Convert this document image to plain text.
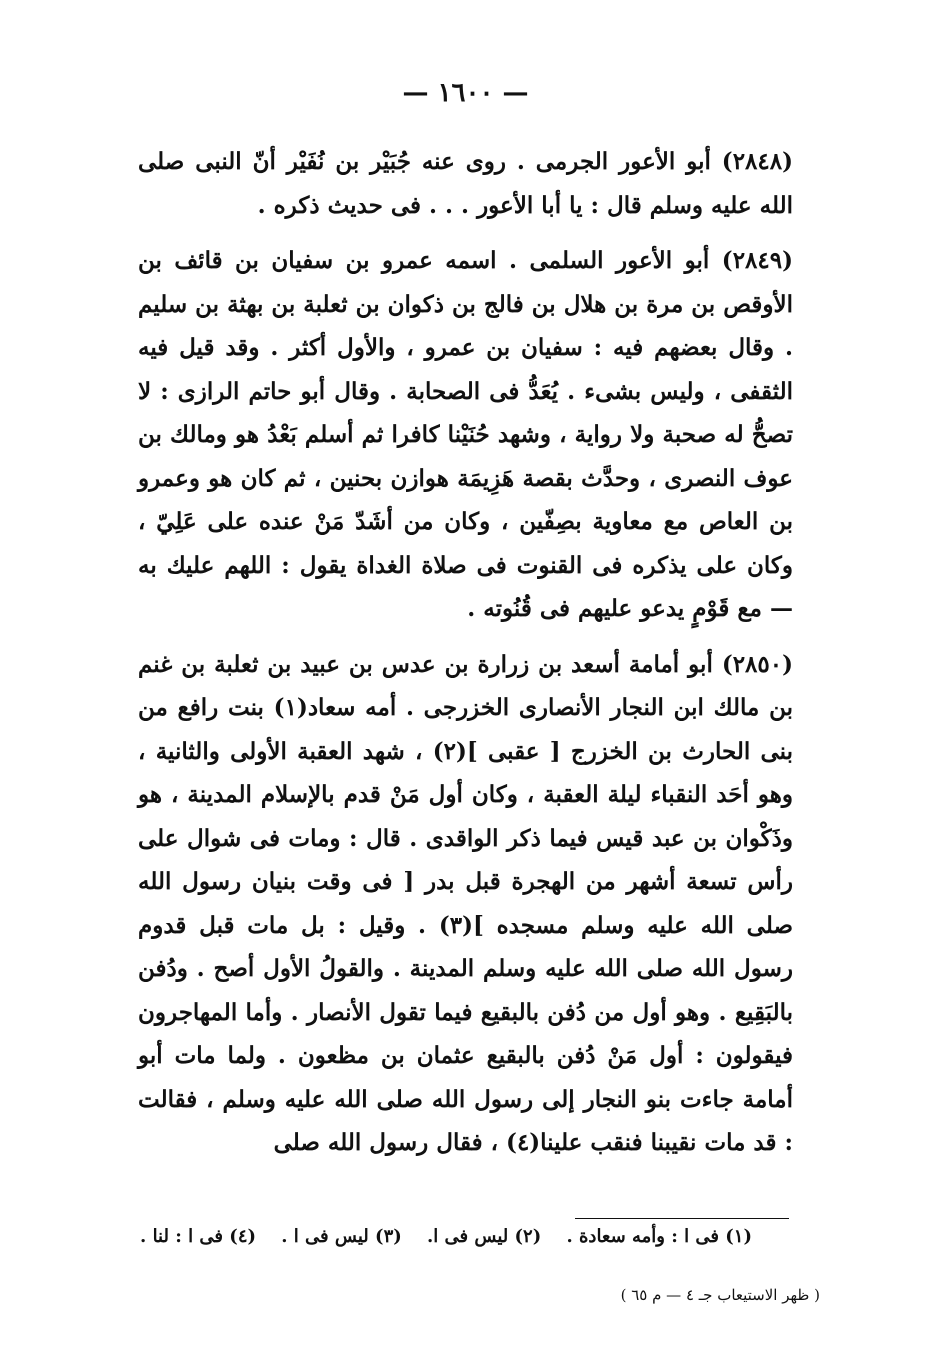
— ١٦٠٠ —

(٢٨٤٨) أبو الأعور الجرمى . روى عنه جُبَيْر بن نُفَيْر أنّ النبى صلى الله عليه وسلم قال : يا أبا الأعور . . . فى حديث ذكره .

(٢٨٤٩) أبو الأعور السلمى . اسمه عمرو بن سفيان بن قائف بن الأوقص بن مرة بن هلال بن فالج بن ذكوان بن ثعلبة بن بهثة بن سليم . وقال بعضهم فيه : سفيان بن عمرو ، والأول أكثر . وقد قيل فيه الثقفى ، وليس بشىء . يُعَدُّ فى الصحابة . وقال أبو حاتم الرازى : لا تصحُّ له صحبة ولا رواية ، وشهد حُنَيْنا كافرا ثم أسلم بَعْدُ هو ومالك بن عوف النصرى ، وحدَّث بقصة هَزِيمَة هوازن بحنين ، ثم كان هو وعمرو بن العاص مع معاوية بصِفّين ، وكان من أشَدّ مَنْ عنده على عَلِيّ ، وكان على يذكره فى القنوت فى صلاة الغداة يقول : اللهم عليك به — مع قَوْمٍ يدعو عليهم فى قُنُوته .

(٢٨٥٠) أبو أمامة أسعد بن زرارة بن عدس بن عبيد بن ثعلبة بن غنم بن مالك ابن النجار الأنصارى الخزرجى . أمه سعاد(١) بنت رافع من بنى الحارث بن الخزرج [ عقبى ](٢) ، شهد العقبة الأولى والثانية ، وهو أحَد النقباء ليلة العقبة ، وكان أول مَنْ قدم بالإسلام المدينة ، هو وذَكْوان بن عبد قيس فيما ذكر الواقدى . قال : ومات فى شوال على رأس تسعة أشهر من الهجرة قبل بدر [ فى وقت بنيان رسول الله صلى الله عليه وسلم مسجده ](٣) . وقيل : بل مات قبل قدوم رسول الله صلى الله عليه وسلم المدينة . والقولُ الأول أصح . ودُفن بالبَقِيع . وهو أول من دُفن بالبقيع فيما تقول الأنصار . وأما المهاجرون فيقولون : أول مَنْ دُفن بالبقيع عثمان بن مظعون . ولما مات أبو أمامة جاءت بنو النجار إلى رسول الله صلى الله عليه وسلم ، فقالت : قد مات نقيبنا فنقب علينا(٤) ، فقال رسول الله صلى

(١) فى ا : وأمه سعادة .
(٢) ليس فى ا.
(٣) ليس فى ا .
(٤) فى ا : لنا .
( ظهر الاستيعاب جـ ٤ — م ٦٥ )
